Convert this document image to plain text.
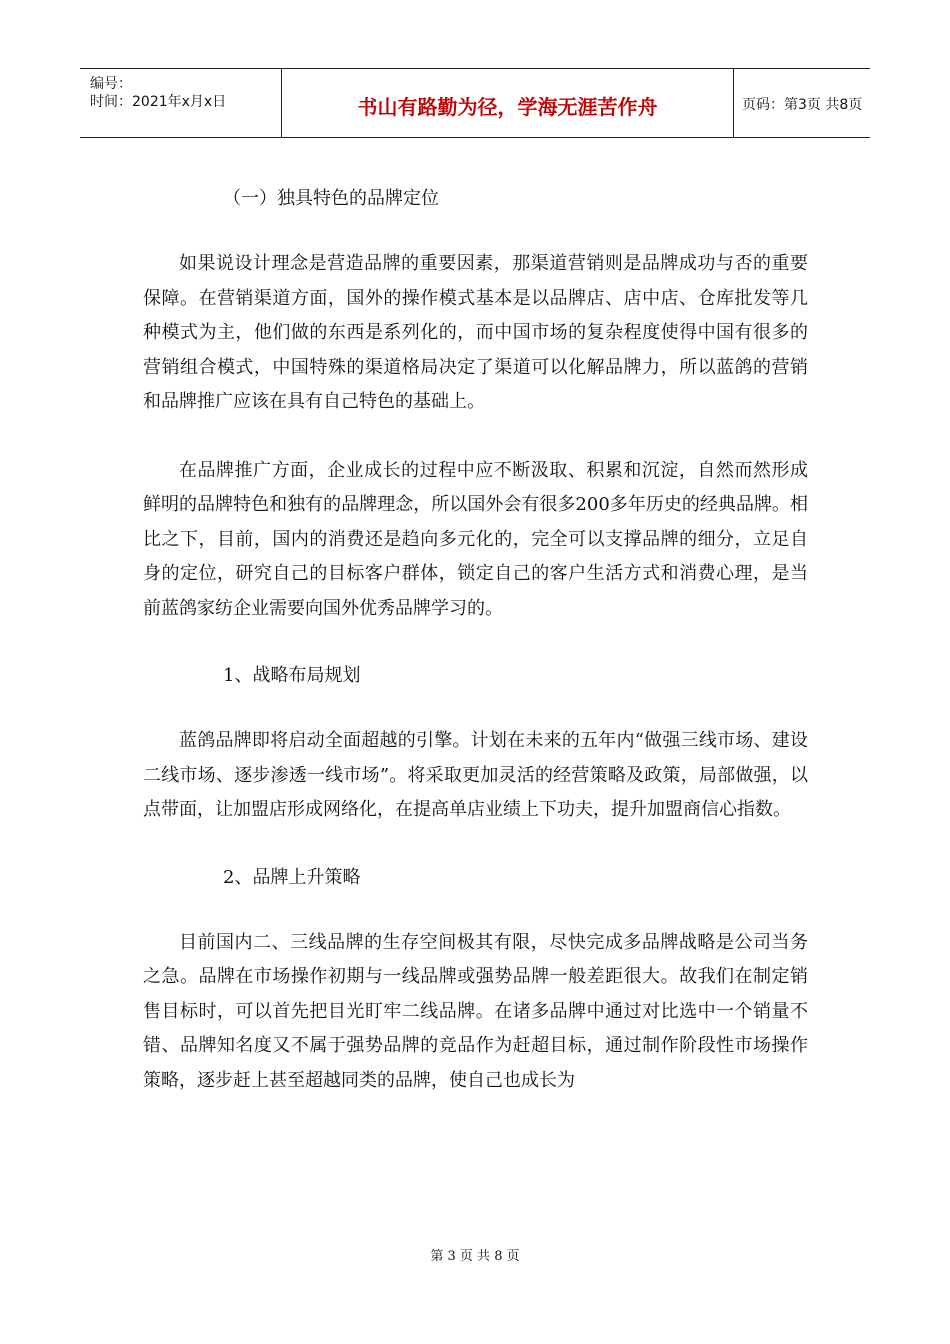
编号：
时间：2021年x月x日	书山有路勤为径，学海无涯苦作舟	页码：第3页 共8页

（一）独具特色的品牌定位

如果说设计理念是营造品牌的重要因素，那渠道营销则是品牌成功与否的重要保障。在营销渠道方面，国外的操作模式基本是以品牌店、店中店、仓库批发等几种模式为主，他们做的东西是系列化的，而中国市场的复杂程度使得中国有很多的营销组合模式，中国特殊的渠道格局决定了渠道可以化解品牌力，所以蓝鸽的营销和品牌推广应该在具有自己特色的基础上。

在品牌推广方面，企业成长的过程中应不断汲取、积累和沉淀，自然而然形成鲜明的品牌特色和独有的品牌理念，所以国外会有很多200多年历史的经典品牌。相比之下，目前，国内的消费还是趋向多元化的，完全可以支撑品牌的细分，立足自身的定位，研究自己的目标客户群体，锁定自己的客户生活方式和消费心理，是当前蓝鸽家纺企业需要向国外优秀品牌学习的。

1、战略布局规划

蓝鸽品牌即将启动全面超越的引擎。计划在未来的五年内“做强三线市场、建设二线市场、逐步渗透一线市场”。将采取更加灵活的经营策略及政策，局部做强，以点带面，让加盟店形成网络化，在提高单店业绩上下功夫，提升加盟商信心指数。

2、品牌上升策略

目前国内二、三线品牌的生存空间极其有限，尽快完成多品牌战略是公司当务之急。品牌在市场操作初期与一线品牌或强势品牌一般差距很大。故我们在制定销售目标时，可以首先把目光盯牢二线品牌。在诸多品牌中通过对比选中一个销量不错、品牌知名度又不属于强势品牌的竞品作为赶超目标，通过制作阶段性市场操作策略，逐步赶上甚至超越同类的品牌，使自己也成长为

第 3 页 共 8 页
